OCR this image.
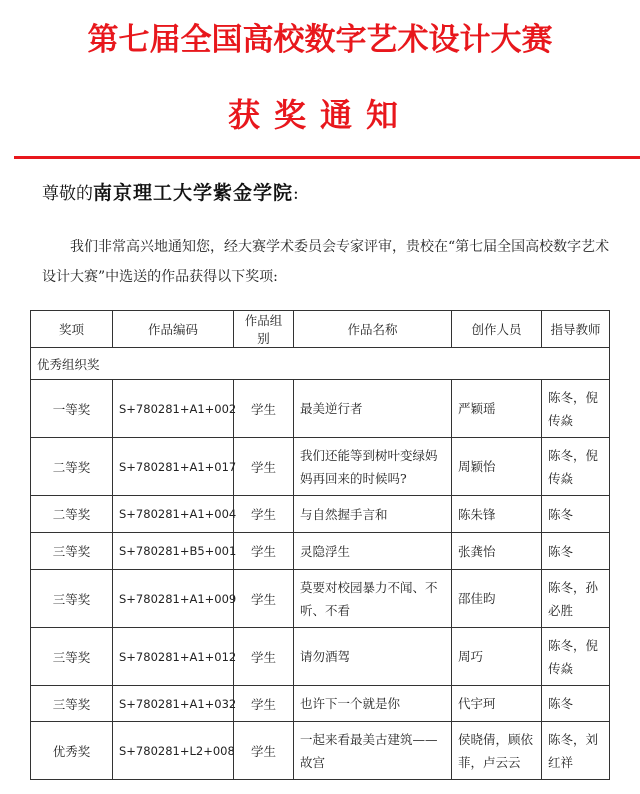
第七届全国高校数字艺术设计大赛
获奖通知
尊敬的南京理工大学紫金学院:
我们非常高兴地通知您，经大赛学术委员会专家评审，贵校在“第七届全国高校数字艺术设计大赛”中选送的作品获得以下奖项:
奖项	作品编码	作品组别	作品名称	创作人员	指导教师
优秀组织奖					
一等奖	S+780281+A1+002	学生	最美逆行者	严颖瑶	陈冬，倪传焱
二等奖	S+780281+A1+017	学生	我们还能等到树叶变绿妈妈再回来的时候吗?	周颖怡	陈冬，倪传焱
二等奖	S+780281+A1+004	学生	与自然握手言和	陈朱锋	陈冬
三等奖	S+780281+B5+001	学生	灵隐浮生	张龚怡	陈冬
三等奖	S+780281+A1+009	学生	莫要对校园暴力不闻、不听、不看	邵佳昀	陈冬，孙必胜
三等奖	S+780281+A1+012	学生	请勿酒驾	周巧	陈冬，倪传焱
三等奖	S+780281+A1+032	学生	也许下一个就是你	代宇珂	陈冬
优秀奖	S+780281+L2+008	学生	一起来看最美古建筑——故宫	侯晓倩，顾依菲，卢云云	陈冬，刘红祥
